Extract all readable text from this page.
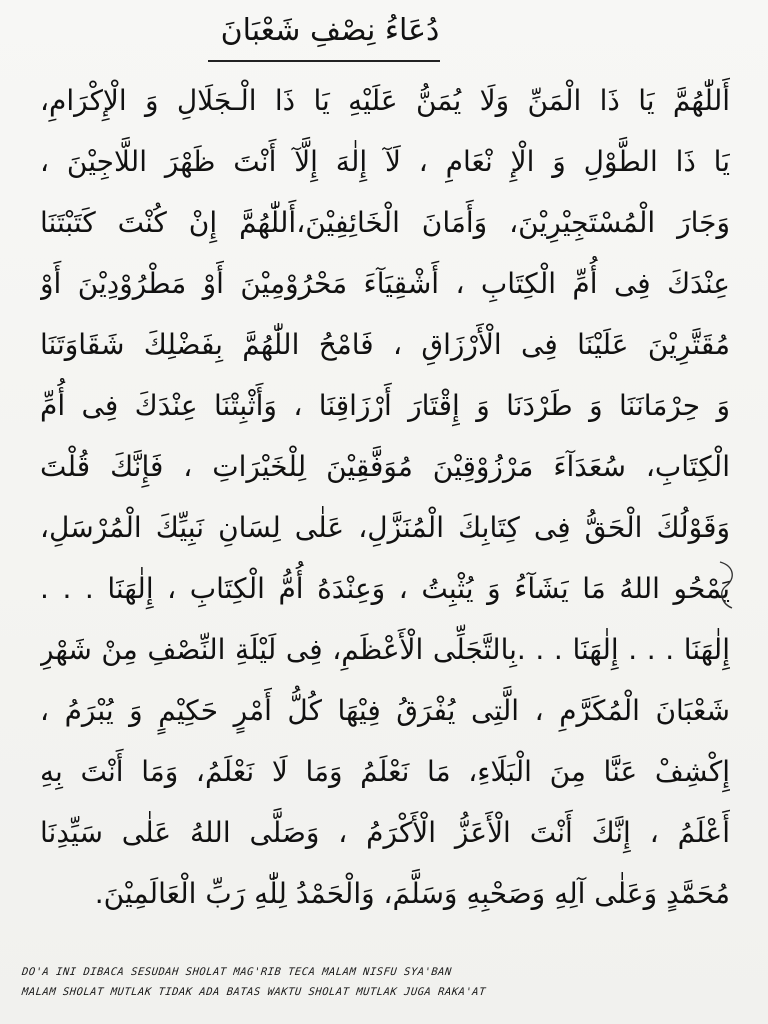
دُعَاءُ نِصْفِ شَعْبَانَ
أَللّٰهُمَّ يَا ذَا الْمَنِّ وَلَا يُمَنُّ عَلَيْهِ يَا ذَا الْـجَلَالِ وَ الْإِكْرَامِ،
يَا ذَا الطَّوْلِ وَ الْإِ نْعَامِ ، لَآ إِلٰهَ إِلَّآ أَنْتَ ظَهْرَ اللَّاجِيْنَ ،
وَجَارَ الْمُسْتَجِيْرِيْنَ، وَأَمَانَ الْخَائِفِيْنَ،أَللّٰهُمَّ إِنْ كُنْتَ كَتَبْتَنَا
عِنْدَكَ فِى أُمِّ الْكِتَابِ ، أَشْقِيَآءَ مَحْرُوْمِيْنَ أَوْ مَطْرُوْدِيْنَ أَوْ
مُقَتَّرِيْنَ عَلَيْنَا فِى الْأَرْزَاقِ ، فَامْحُ اللّٰهُمَّ بِفَضْلِكَ شَقَاوَتَنَا
وَ حِرْمَانَنَا وَ طَرْدَنَا وَ إِقْتَارَ أَرْزَاقِنَا ، وَأَثْبِتْنَا عِنْدَكَ فِى أُمِّ
الْكِتَابِ، سُعَدَآءَ مَرْزُوْقِيْنَ مُوَفَّقِيْنَ لِلْخَيْرَاتِ ، فَإِنَّكَ قُلْتَ
وَقَوْلُكَ الْحَقُّ فِى كِتَابِكَ الْمُنَزَّلِ، عَلٰى لِسَانِ نَبِيِّكَ الْمُرْسَلِ،
يَمْحُو اللهُ مَا يَشَآءُ وَ يُثْبِتُ ، وَعِنْدَهُ أُمُّ الْكِتَابِ ، إِلٰهَنَا . . .
إِلٰهَنَا . . . إِلٰهَنَا . . .بِالتَّجَلِّى الْأَعْظَمِ، فِى لَيْلَةِ النِّصْفِ مِنْ شَهْرِ
شَعْبَانَ الْمُكَرَّمِ ، الَّتِى يُفْرَقُ فِيْهَا كُلُّ أَمْرٍ حَكِيْمٍ وَ يُبْرَمُ ،
إِكْشِفْ عَنَّا مِنَ الْبَلَاءِ، مَا نَعْلَمُ وَمَا لَا نَعْلَمُ، وَمَا أَنْتَ بِهِ
أَعْلَمُ ، إِنَّكَ أَنْتَ الْأَعَزُّ الْأَكْرَمُ ، وَصَلَّى اللهُ عَلٰى سَيِّدِنَا
مُحَمَّدٍ وَعَلٰى آلِهِ وَصَحْبِهِ وَسَلَّمَ، وَالْحَمْدُ لِلّٰهِ رَبِّ الْعَالَمِيْنَ.
DO'A INI DIBACA SESUDAH SHOLAT MAG'RIB TECA MALAM NISFU SYA'BAN
MALAM SHOLAT MUTLAK TIDAK ADA BATAS WAKTU SHOLAT MUTLAK JUGA RAKA'AT
